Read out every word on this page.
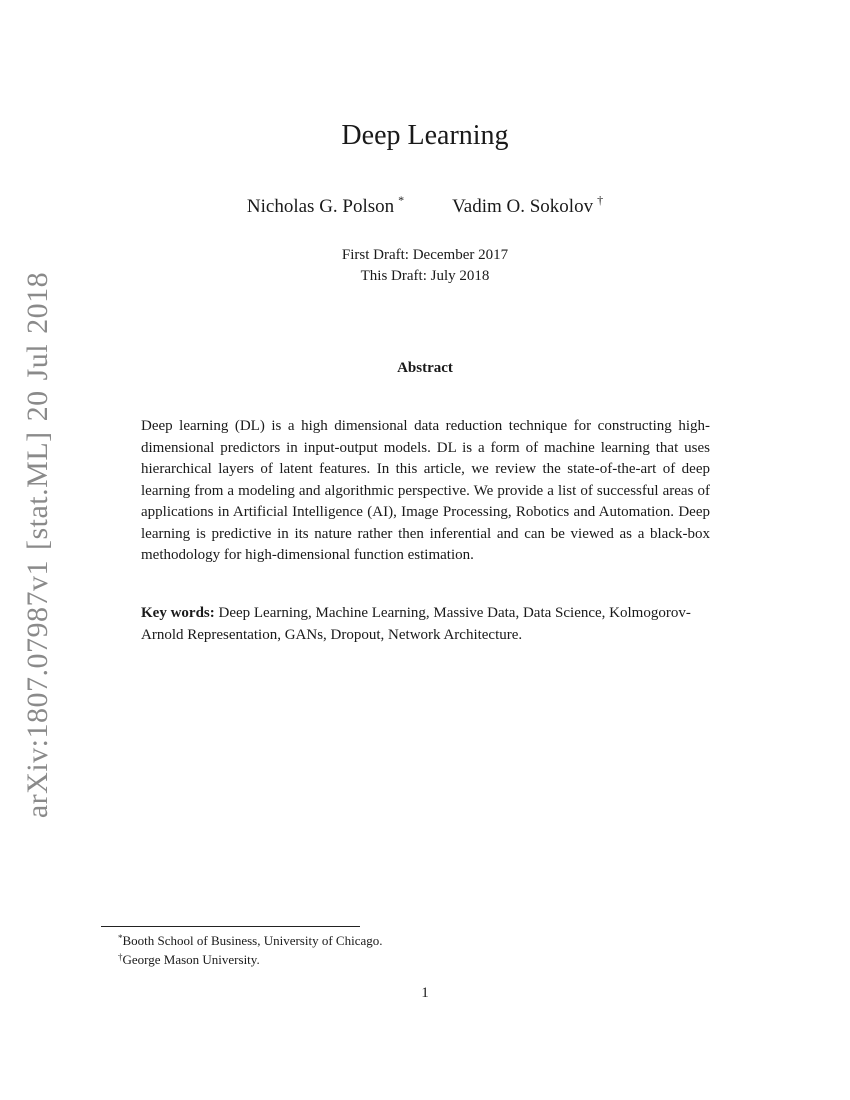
arXiv:1807.07987v1 [stat.ML] 20 Jul 2018
Deep Learning
Nicholas G. Polson *	Vadim O. Sokolov †
First Draft: December 2017
This Draft: July 2018
Abstract
Deep learning (DL) is a high dimensional data reduction technique for constructing high-dimensional predictors in input-output models. DL is a form of machine learning that uses hierarchical layers of latent features. In this article, we review the state-of-the-art of deep learning from a modeling and algorithmic perspective. We provide a list of successful areas of applications in Artificial Intelligence (AI), Image Processing, Robotics and Automation. Deep learning is predictive in its nature rather then inferential and can be viewed as a black-box methodology for high-dimensional function estimation.
Key words: Deep Learning, Machine Learning, Massive Data, Data Science, Kolmogorov-Arnold Representation, GANs, Dropout, Network Architecture.
*Booth School of Business, University of Chicago.
†George Mason University.
1
